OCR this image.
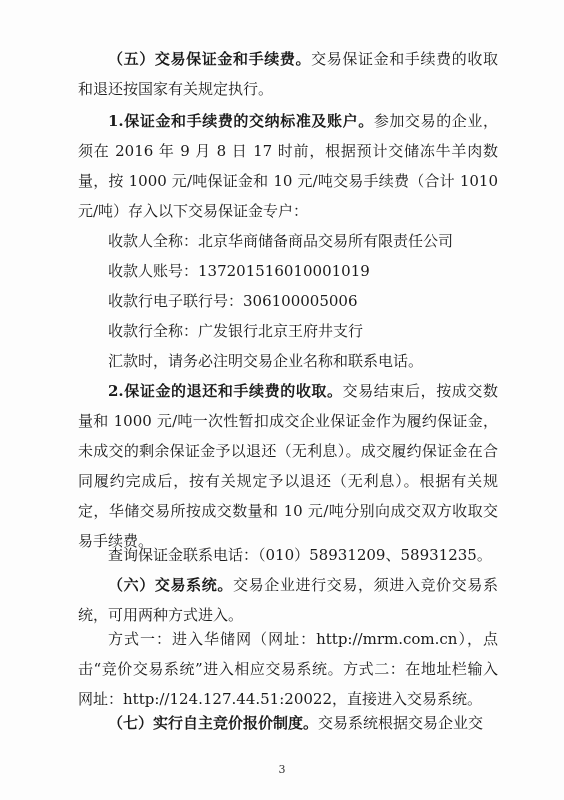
（五）交易保证金和手续费。交易保证金和手续费的收取和退还按国家有关规定执行。

1.保证金和手续费的交纳标准及账户。参加交易的企业，须在 2016 年 9 月 8 日 17 时前，根据预计交储冻牛羊肉数量，按 1000 元/吨保证金和 10 元/吨交易手续费（合计 1010 元/吨）存入以下交易保证金专户：

收款人全称：北京华商储备商品交易所有限责任公司
收款人账号：137201516010001019
收款行电子联行号：306100005006
收款行全称：广发银行北京王府井支行
汇款时，请务必注明交易企业名称和联系电话。

2.保证金的退还和手续费的收取。交易结束后，按成交数量和 1000 元/吨一次性暂扣成交企业保证金作为履约保证金，未成交的剩余保证金予以退还（无利息）。成交履约保证金在合同履约完成后，按有关规定予以退还（无利息）。根据有关规定，华储交易所按成交数量和 10 元/吨分别向成交双方收取交易手续费。

查询保证金联系电话：（010）58931209、58931235。

（六）交易系统。交易企业进行交易，须进入竞价交易系统，可用两种方式进入。

方式一：进入华储网（网址：http://mrm.com.cn），点击“竞价交易系统”进入相应交易系统。方式二：在地址栏输入网址：http://124.127.44.51:20022，直接进入交易系统。

（七）实行自主竞价报价制度。交易系统根据交易企业交

3
